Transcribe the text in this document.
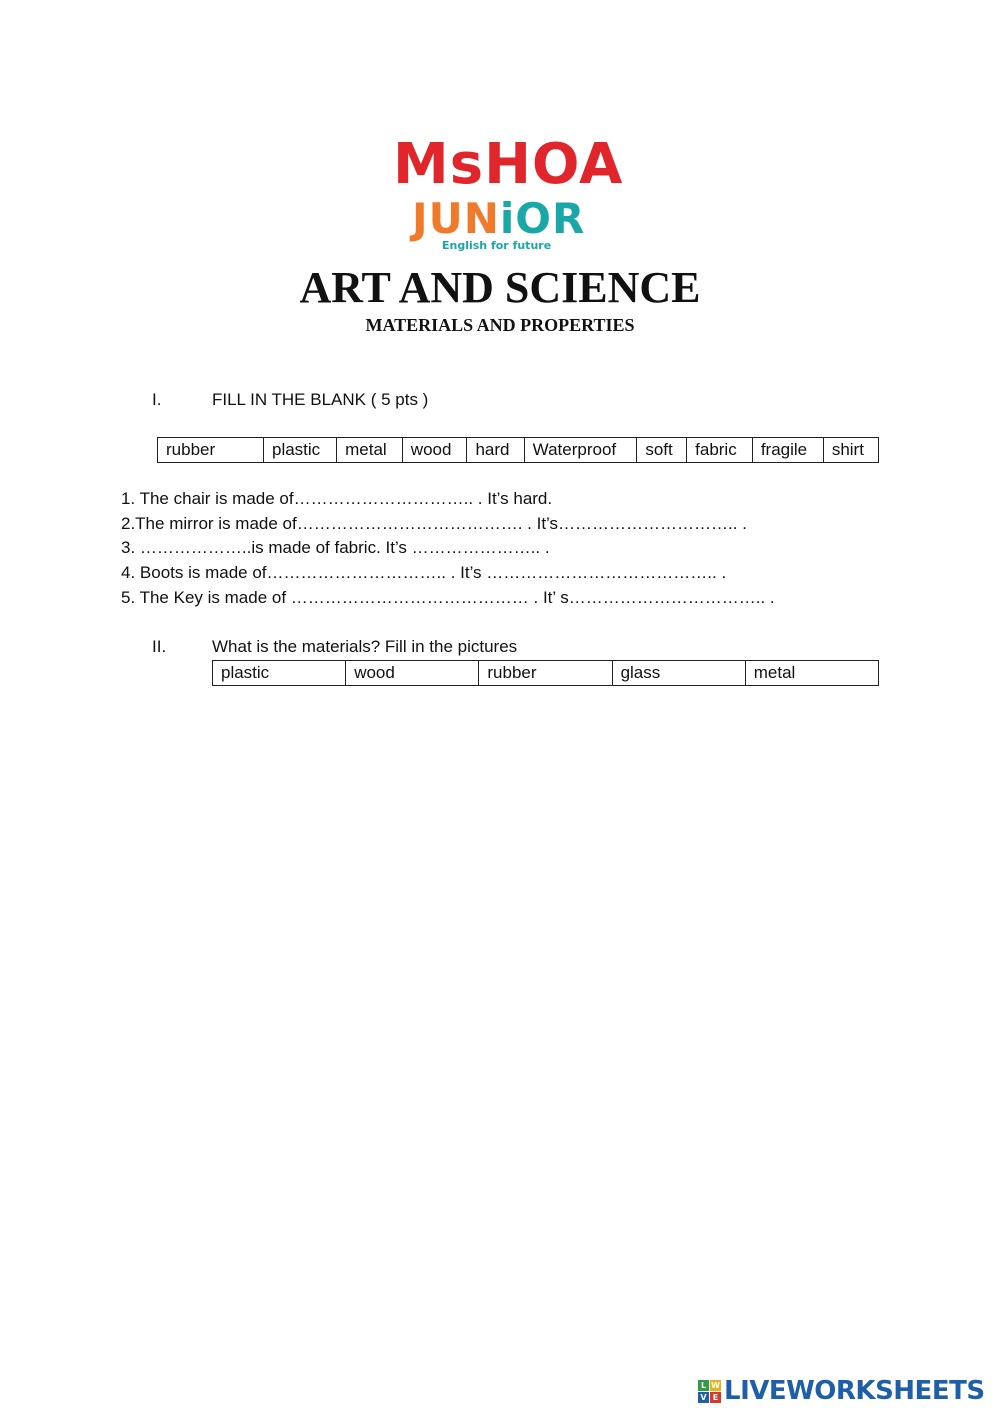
MsHOA
JUNiOR
English for future
ART AND SCIENCE
MATERIALS AND PROPERTIES
I.	FILL IN THE BLANK ( 5 pts )
rubber	plastic	metal	wood	hard	Waterproof	soft	fabric	fragile	shirt
1. The chair is made of………………………….. . It’s hard.
2.The mirror is made of…………………………………. . It’s………………………….. .
3. ………………..is made of fabric. It’s ………………….. .
4. Boots is made of………………………….. . It’s ………………………………….. .
5. The Key is made of …………………………………… . It’ s…………………………….. .
II.	What is the materials? Fill in the pictures
plastic	wood	rubber	glass	metal
L W
V E LIVEWORKSHEETS
